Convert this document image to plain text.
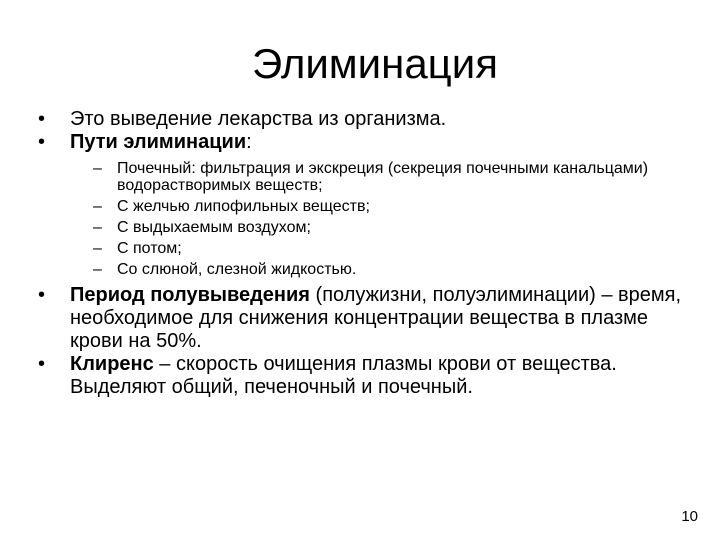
Элиминация
•	Это выведение лекарства из организма.
•	Пути элиминации:
– Почечный: фильтрация и экскреция (секреция почечными канальцами) водорастворимых веществ;
– С желчью липофильных веществ;
– С выдыхаемым воздухом;
– С потом;
– Со слюной, слезной жидкостью.
•	Период полувыведения (полужизни, полуэлиминации) – время, необходимое для снижения концентрации вещества в плазме крови на 50%.
•	Клиренс – скорость очищения плазмы крови от вещества. Выделяют общий, печеночный и почечный.
10
